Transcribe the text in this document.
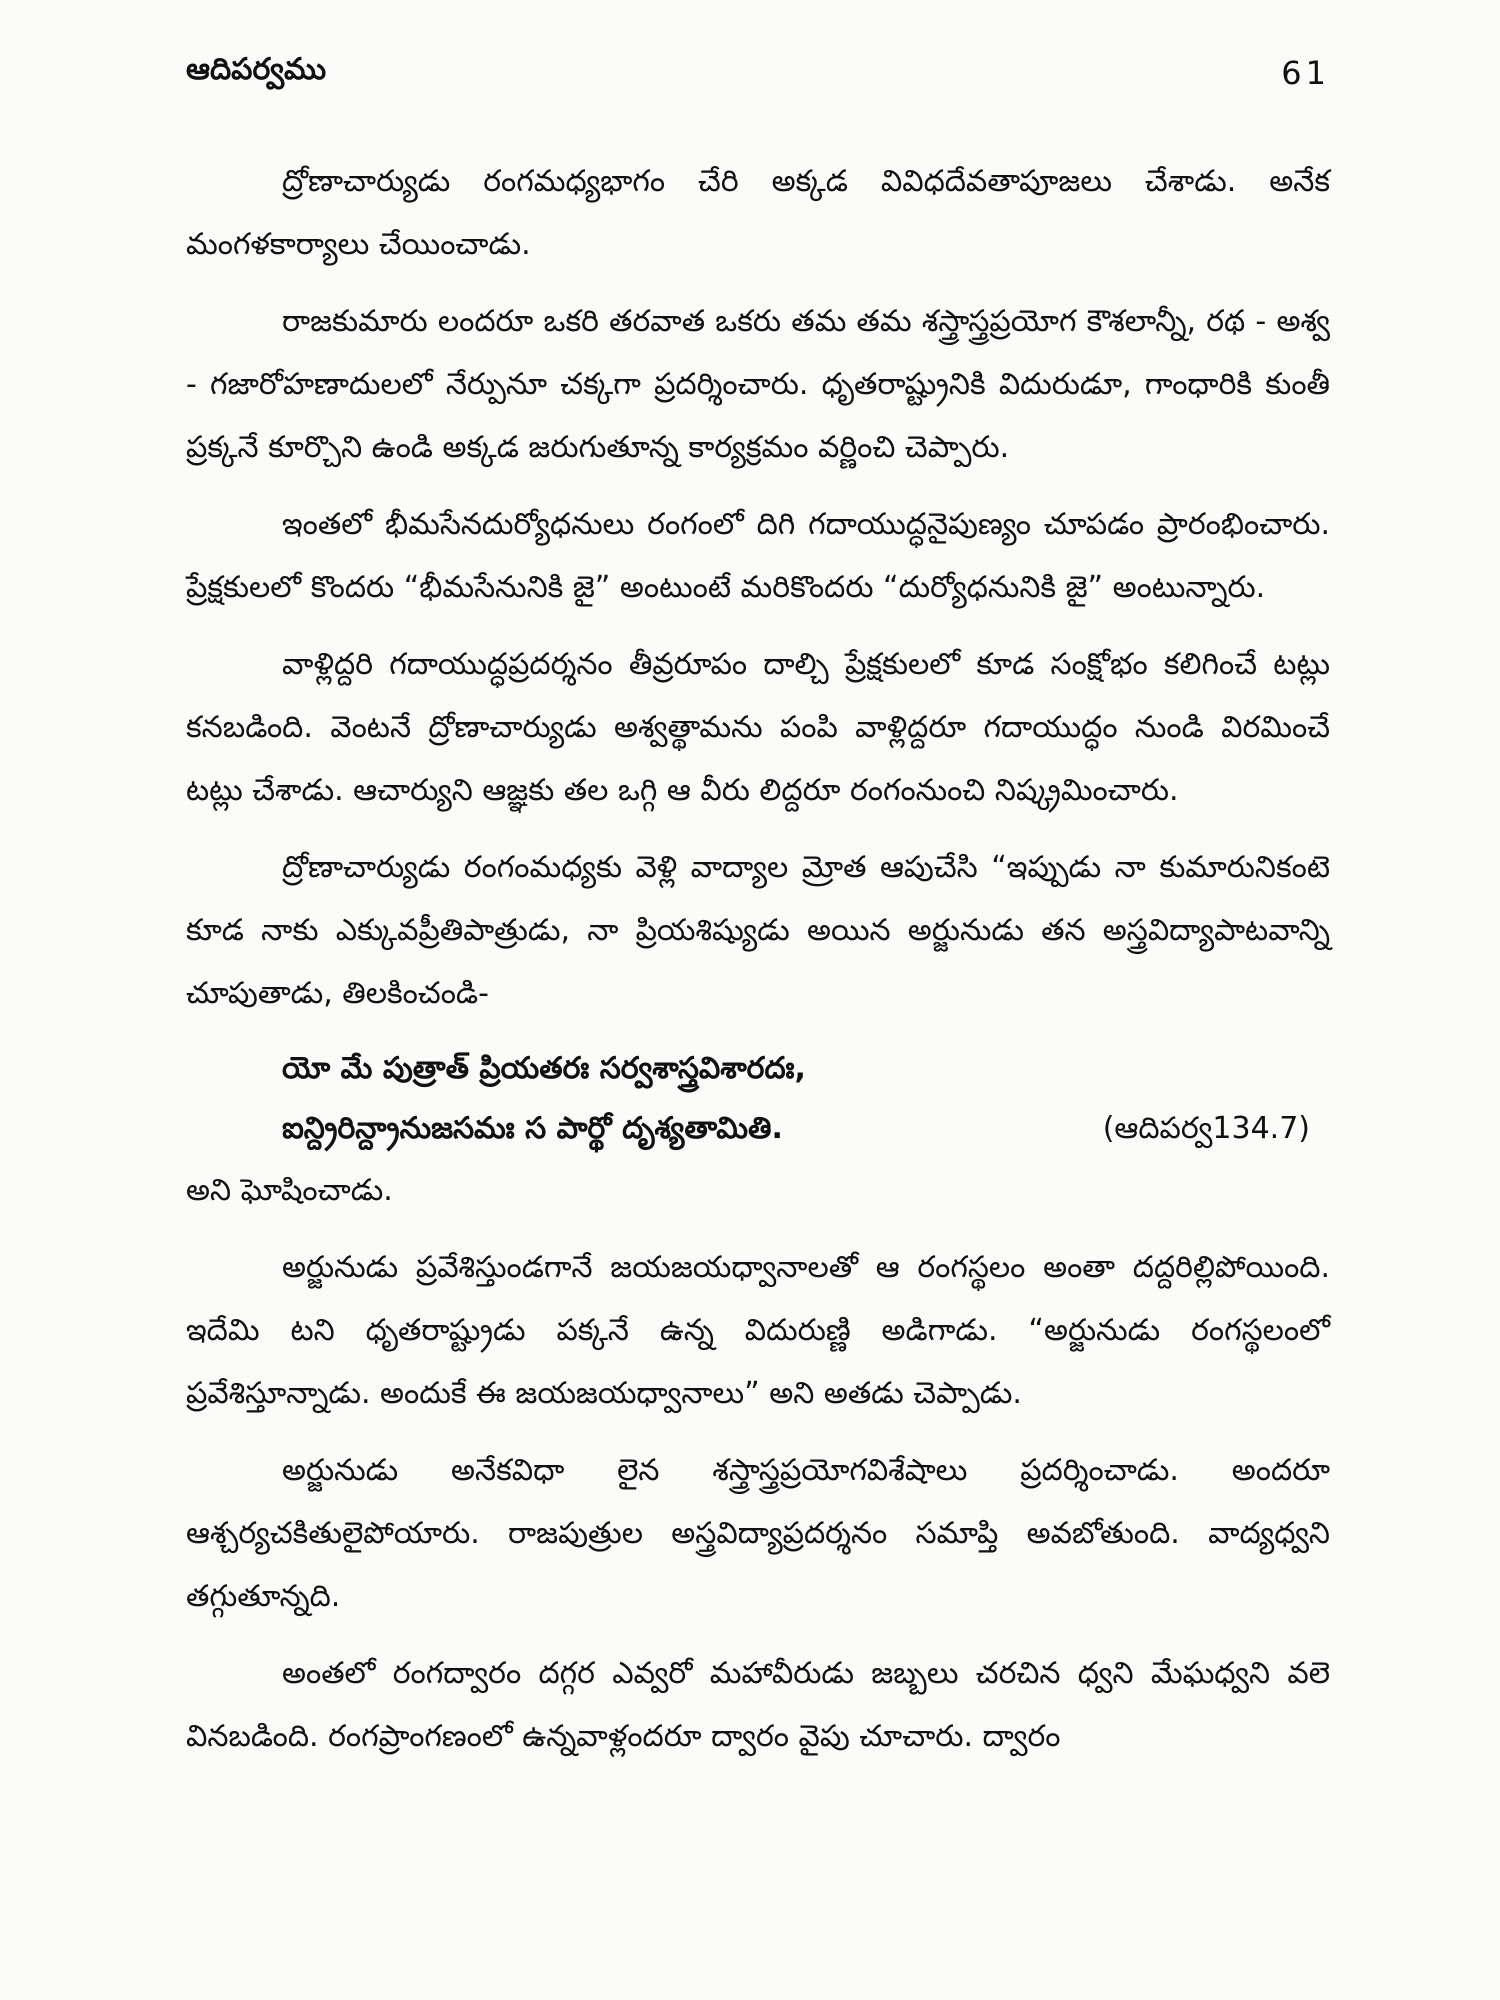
ఆదిపర్వము	61

ద్రోణాచార్యుడు రంగమధ్యభాగం చేరి అక్కడ వివిధదేవతాపూజలు చేశాడు. అనేక మంగళకార్యాలు చేయించాడు.

రాజకుమారు లందరూ ఒకరి తరవాత ఒకరు తమ తమ శస్త్రాస్త్రప్రయోగ కౌశలాన్నీ, రథ - అశ్వ - గజారోహణాదులలో నేర్పునూ చక్కగా ప్రదర్శించారు. ధృతరాష్ట్రునికి విదురుడూ, గాంధారికి కుంతీ ప్రక్కనే కూర్చొని ఉండి అక్కడ జరుగుతూన్న కార్యక్రమం వర్ణించి చెప్పారు.

ఇంతలో భీమసేనదుర్యోధనులు రంగంలో దిగి గదాయుద్ధనైపుణ్యం చూపడం ప్రారంభించారు. ప్రేక్షకులలో కొందరు “భీమసేనునికి జై” అంటుంటే మరికొందరు “దుర్యోధనునికి జై” అంటున్నారు.

వాళ్లిద్దరి గదాయుద్ధప్రదర్శనం తీవ్రరూపం దాల్చి ప్రేక్షకులలో కూడ సంక్షోభం కలిగించే టట్లు కనబడింది. వెంటనే ద్రోణాచార్యుడు అశ్వత్థామను పంపి వాళ్లిద్దరూ గదాయుద్ధం నుండి విరమించే టట్లు చేశాడు. ఆచార్యుని ఆజ్ఞకు తల ఒగ్గి ఆ వీరు లిద్దరూ రంగంనుంచి నిష్క్రమించారు.

ద్రోణాచార్యుడు రంగంమధ్యకు వెళ్లి వాద్యాల మ్రోత ఆపుచేసి “ఇప్పుడు నా కుమారునికంటె కూడ నాకు ఎక్కువప్రీతిపాత్రుడు, నా ప్రియశిష్యుడు అయిన అర్జునుడు తన అస్త్రవిద్యాపాటవాన్ని చూపుతాడు, తిలకించండి-

యో మే పుత్రాత్ ప్రియతరః సర్వశాస్త్రవిశారదః,
ఐన్ద్రిరిన్ద్రానుజసమః స పార్థో దృశ్యతామితి.	(ఆదిపర్వ134.7)

అని ఘోషించాడు.

అర్జునుడు ప్రవేశిస్తుండగానే జయజయధ్వానాలతో ఆ రంగస్థలం అంతా దద్దరిల్లిపోయింది. ఇదేమి టని ధృతరాష్ట్రుడు పక్కనే ఉన్న విదురుణ్ణి అడిగాడు. “అర్జునుడు రంగస్థలంలో ప్రవేశిస్తూన్నాడు. అందుకే ఈ జయజయధ్వానాలు” అని అతడు చెప్పాడు.

అర్జునుడు అనేకవిధా లైన శస్త్రాస్త్రప్రయోగవిశేషాలు ప్రదర్శించాడు. అందరూ ఆశ్చర్యచకితులైపోయారు. రాజపుత్రుల అస్త్రవిద్యాప్రదర్శనం సమాప్తి అవబోతుంది. వాద్యధ్వని తగ్గుతూన్నది.

అంతలో రంగద్వారం దగ్గర ఎవ్వరో మహావీరుడు జబ్బలు చరచిన ధ్వని మేఘధ్వని వలె వినబడింది. రంగప్రాంగణంలో ఉన్నవాళ్లందరూ ద్వారం వైపు చూచారు. ద్వారం
